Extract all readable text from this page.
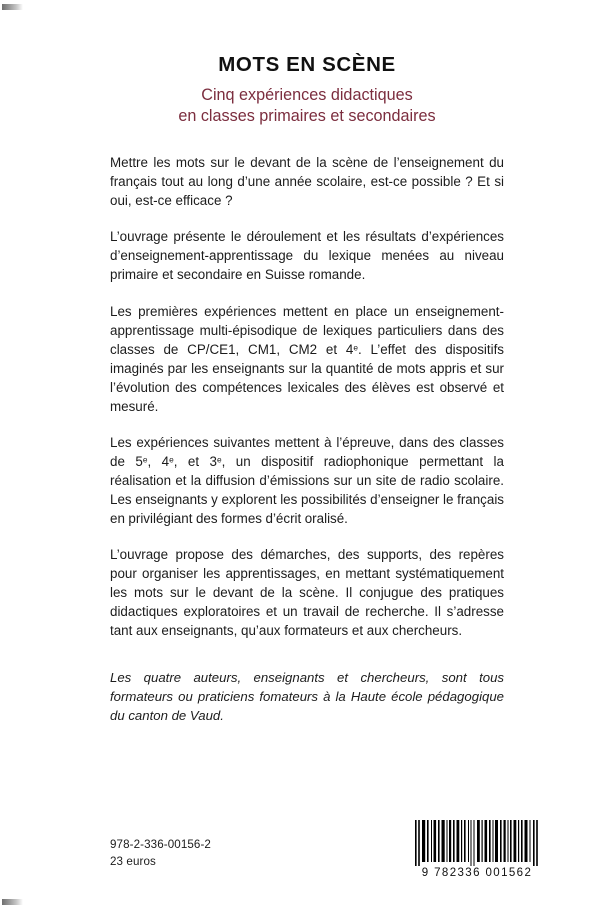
MOTS EN SCÈNE
Cinq expériences didactiques
en classes primaires et secondaires

Mettre les mots sur le devant de la scène de l’enseignement du français tout au long d’une année scolaire, est-ce possible ? Et si oui, est-ce efficace ?

L’ouvrage présente le déroulement et les résultats d’expériences d’enseignement-apprentissage du lexique menées au niveau primaire et secondaire en Suisse romande.

Les premières expériences mettent en place un enseignement-apprentissage multi-épisodique de lexiques particuliers dans des classes de CP/CE1, CM1, CM2 et 4e. L’effet des dispositifs imaginés par les enseignants sur la quantité de mots appris et sur l’évolution des compétences lexicales des élèves est observé et mesuré.

Les expériences suivantes mettent à l’épreuve, dans des classes de 5e, 4e, et 3e, un dispositif radiophonique permettant la réalisation et la diffusion d’émissions sur un site de radio scolaire. Les enseignants y explorent les possibilités d’enseigner le français en privilégiant des formes d’écrit oralisé.

L’ouvrage propose des démarches, des supports, des repères pour organiser les apprentissages, en mettant systématiquement les mots sur le devant de la scène. Il conjugue des pratiques didactiques exploratoires et un travail de recherche. Il s’adresse tant aux enseignants, qu’aux formateurs et aux chercheurs.

Les quatre auteurs, enseignants et chercheurs, sont tous formateurs ou praticiens fomateurs à la Haute école pédagogique du canton de Vaud.

978-2-336-00156-2
23 euros
9 782336 001562
